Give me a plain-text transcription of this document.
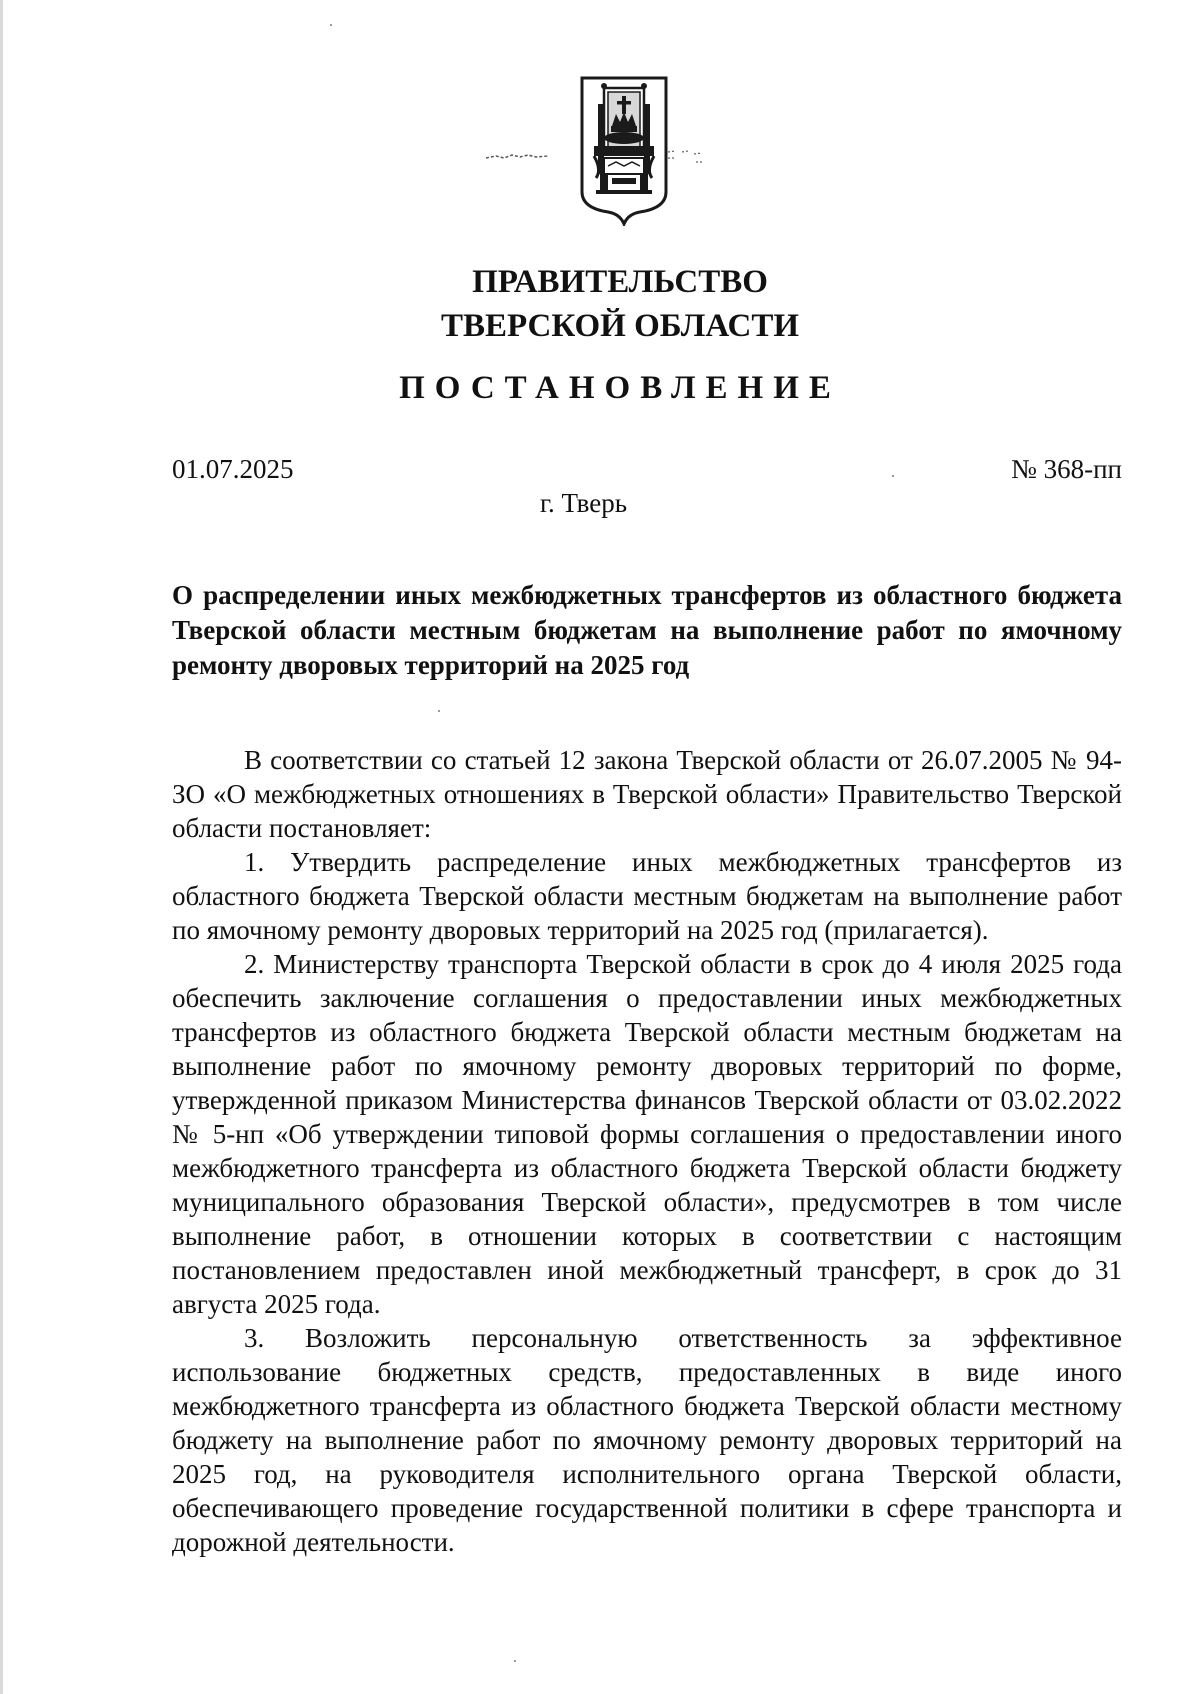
ПРАВИТЕЛЬСТВО
ТВЕРСКОЙ ОБЛАСТИ
ПОСТАНОВЛЕНИЕ

01.07.2025	№ 368-пп

г. Тверь

О распределении иных межбюджетных трансфертов из областного бюджета Тверской области местным бюджетам на выполнение работ по ямочному ремонту дворовых территорий на 2025 год

В соответствии со статьей 12 закона Тверской области от 26.07.2005 № 94-ЗО «О межбюджетных отношениях в Тверской области» Правительство Тверской области постановляет:

1. Утвердить распределение иных межбюджетных трансфертов из областного бюджета Тверской области местным бюджетам на выполнение работ по ямочному ремонту дворовых территорий на 2025 год (прилагается).

2. Министерству транспорта Тверской области в срок до 4 июля 2025 года обеспечить заключение соглашения о предоставлении иных межбюджетных трансфертов из областного бюджета Тверской области местным бюджетам на выполнение работ по ямочному ремонту дворовых территорий по форме, утвержденной приказом Министерства финансов Тверской области от 03.02.2022 № 5-нп «Об утверждении типовой формы соглашения о предоставлении иного межбюджетного трансферта из областного бюджета Тверской области бюджету муниципального образования Тверской области», предусмотрев в том числе выполнение работ, в отношении которых в соответствии с настоящим постановлением предоставлен иной межбюджетный трансферт, в срок до 31 августа 2025 года.

3. Возложить персональную ответственность за эффективное использование бюджетных средств, предоставленных в виде иного межбюджетного трансферта из областного бюджета Тверской области местному бюджету на выполнение работ по ямочному ремонту дворовых территорий на 2025 год, на руководителя исполнительного органа Тверской области, обеспечивающего проведение государственной политики в сфере транспорта и дорожной деятельности.
